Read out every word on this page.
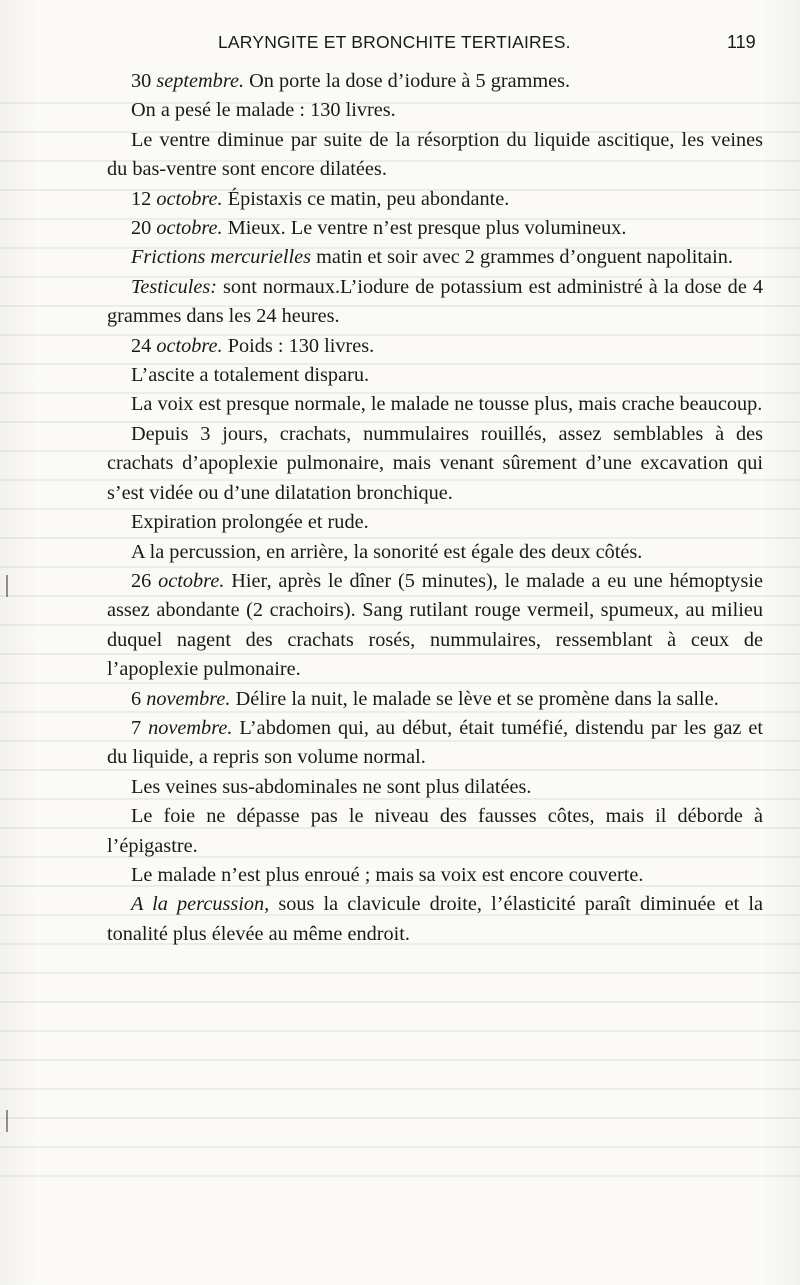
LARYNGITE ET BRONCHITE TERTIAIRES.	119

30 septembre. On porte la dose d’iodure à 5 grammes.

On a pesé le malade : 130 livres.

Le ventre diminue par suite de la résorption du liquide ascitique, les veines du bas-ventre sont encore dilatées.

12 octobre. Épistaxis ce matin, peu abondante.

20 octobre. Mieux. Le ventre n’est presque plus volumineux.

Frictions mercurielles matin et soir avec 2 grammes d’onguent napolitain.

Testicules: sont normaux.L’iodure de potassium est administré à la dose de 4 grammes dans les 24 heures.

24 octobre. Poids : 130 livres.

L’ascite a totalement disparu.

La voix est presque normale, le malade ne tousse plus, mais crache beaucoup.

Depuis 3 jours, crachats, nummulaires rouillés, assez semblables à des crachats d’apoplexie pulmonaire, mais venant sûrement d’une excavation qui s’est vidée ou d’une dilatation bronchique.

Expiration prolongée et rude.

A la percussion, en arrière, la sonorité est égale des deux côtés.

26 octobre. Hier, après le dîner (5 minutes), le malade a eu une hémoptysie assez abondante (2 crachoirs). Sang rutilant rouge vermeil, spumeux, au milieu duquel nagent des crachats rosés, nummulaires, ressemblant à ceux de l’apoplexie pulmonaire.

6 novembre. Délire la nuit, le malade se lève et se promène dans la salle.

7 novembre. L’abdomen qui, au début, était tuméfié, distendu par les gaz et du liquide, a repris son volume normal.

Les veines sus-abdominales ne sont plus dilatées.

Le foie ne dépasse pas le niveau des fausses côtes, mais il déborde à l’épigastre.

Le malade n’est plus enroué ; mais sa voix est encore couverte.

A la percussion, sous la clavicule droite, l’élasticité paraît diminuée et la tonalité plus élevée au même endroit.
